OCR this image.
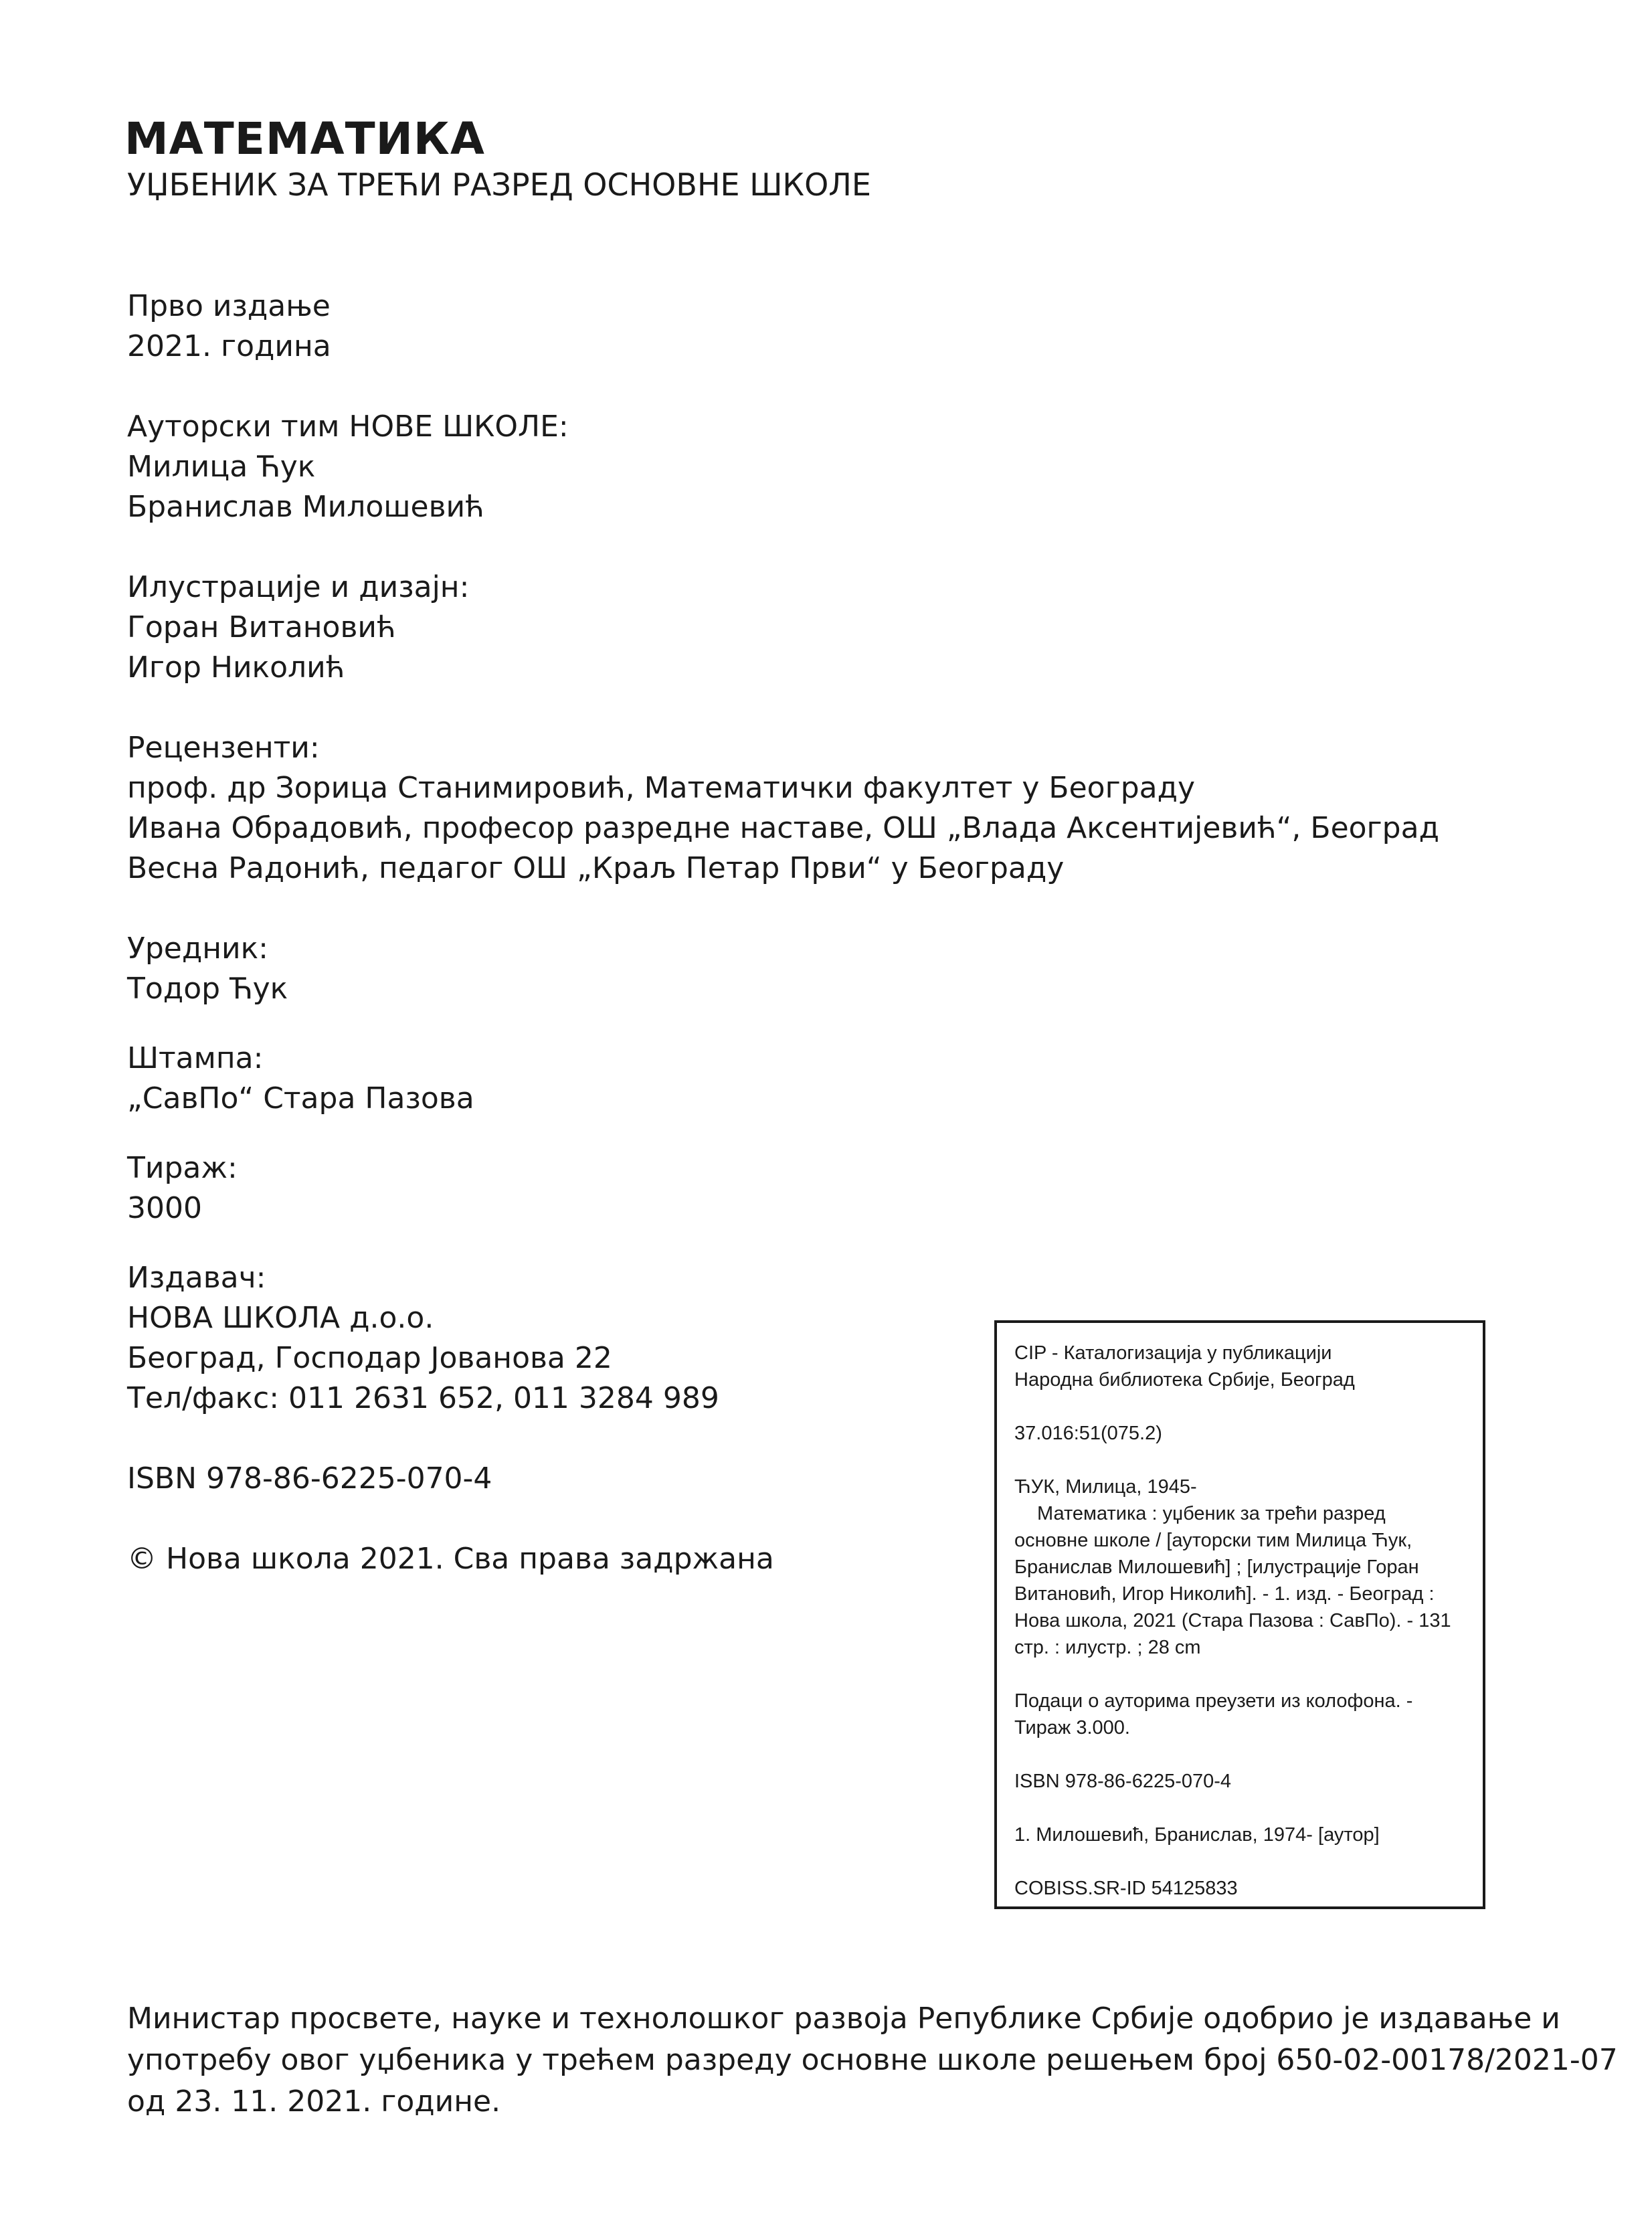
МАТЕМАТИКА
УЏБЕНИК ЗА ТРЕЋИ РАЗРЕД ОСНОВНЕ ШКОЛЕ
Прво издање
2021. година
Ауторски тим НОВЕ ШКОЛЕ:
Милица Ћук
Бранислав Милошевић
Илустрације и дизајн:
Горан Витановић
Игор Николић
Рецензенти:
проф. др Зорица Станимировић, Математички факултет у Београду
Ивана Обрадовић, професор разредне наставе, ОШ „Влада Аксентијевић“, Београд
Весна Радонић, педагог ОШ „Краљ Петар Први“ у Београду
Уредник:
Тодор Ћук
Штампа:
„СавПо“ Стара Пазова
Тираж:
3000
Издавач:
НОВА ШКОЛА д.о.о.
Београд, Господар Јованова 22
Тел/факс: 011 2631 652, 011 3284 989
ISBN 978-86-6225-070-4
© Нова школа 2021. Сва права задржана
CIP - Каталогизација у публикацији
Народна библиотека Србије, Београд
37.016:51(075.2)
ЋУК, Милица, 1945-
Математика : уџбеник за трећи разред
основне школе / [ауторски тим Милица Ћук,
Бранислав Милошевић] ; [илустрације Горан
Витановић, Игор Николић]. - 1. изд. - Београд :
Нова школа, 2021 (Стара Пазова : СавПо). - 131
стр. : илустр. ; 28 cm
Подаци о ауторима преузети из колофона. -
Тираж 3.000.
ISBN 978-86-6225-070-4
1. Милошевић, Бранислав, 1974- [аутор]
COBISS.SR-ID 54125833
Министар просвете, науке и технолошког развоја Републике Србије одобрио је издавање и
употребу овог уџбеника у трећем разреду основне школе решењем број 650-02-00178/2021-07
од 23. 11. 2021. године.
